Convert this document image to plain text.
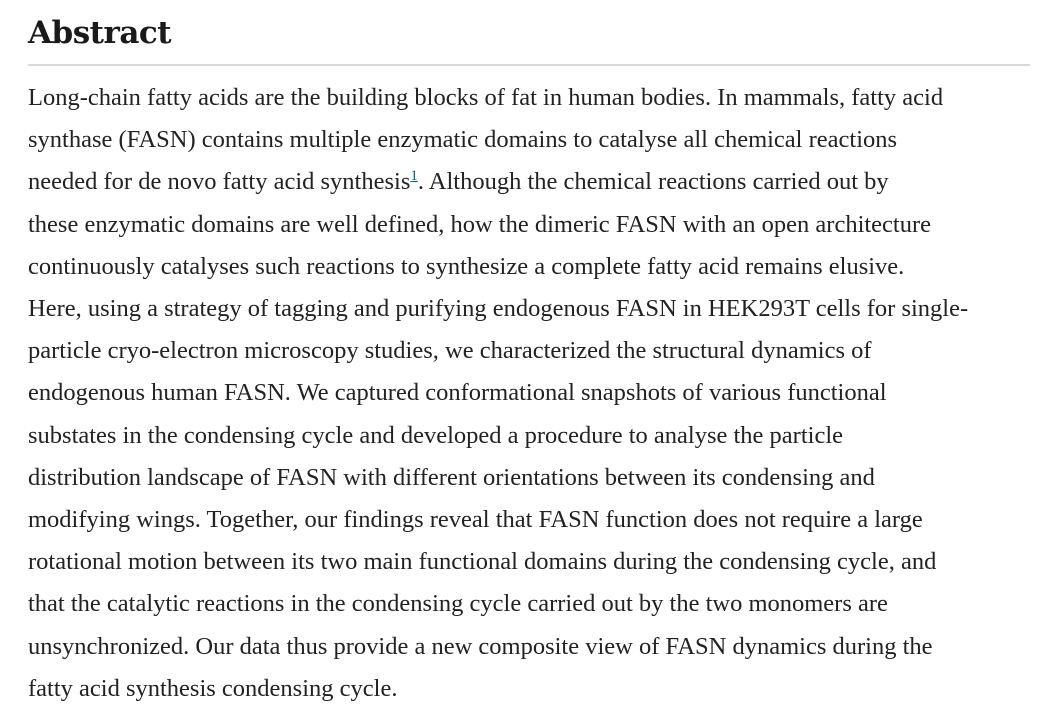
Abstract
Long-chain fatty acids are the building blocks of fat in human bodies. In mammals, fatty acid
synthase (FASN) contains multiple enzymatic domains to catalyse all chemical reactions
needed for de novo fatty acid synthesis$^1$. Although the chemical reactions carried out by
these enzymatic domains are well defined, how the dimeric FASN with an open architecture
continuously catalyses such reactions to synthesize a complete fatty acid remains elusive.
Here, using a strategy of tagging and purifying endogenous FASN in HEK293T cells for single-
particle cryo-electron microscopy studies, we characterized the structural dynamics of
endogenous human FASN. We captured conformational snapshots of various functional
substates in the condensing cycle and developed a procedure to analyse the particle
distribution landscape of FASN with different orientations between its condensing and
modifying wings. Together, our findings reveal that FASN function does not require a large
rotational motion between its two main functional domains during the condensing cycle, and
that the catalytic reactions in the condensing cycle carried out by the two monomers are
unsynchronized. Our data thus provide a new composite view of FASN dynamics during the
fatty acid synthesis condensing cycle.
